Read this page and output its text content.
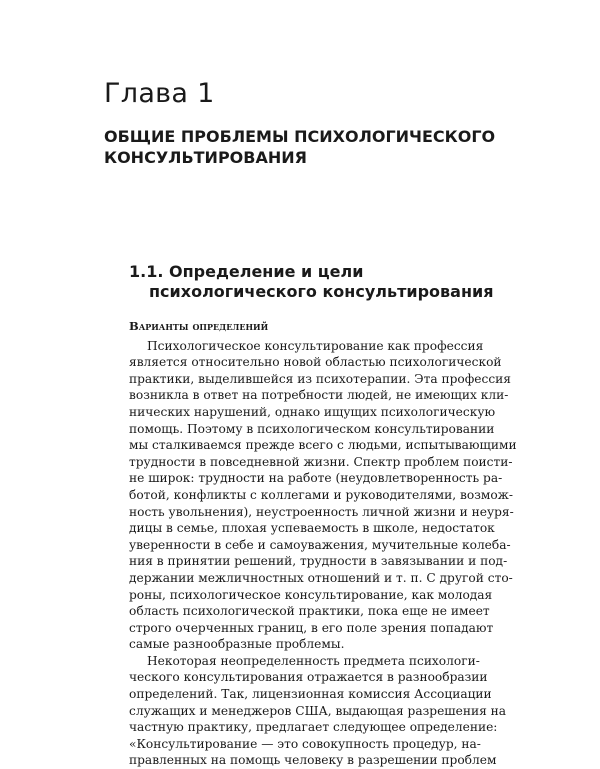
Глава 1
ОБЩИЕ ПРОБЛЕМЫ ПСИХОЛОГИЧЕСКОГО
КОНСУЛЬТИРОВАНИЯ
1.1. Определение и цели
психологического консультирования

Варианты определений

Психологическое консультирование как профессия
является относительно новой областью психологической
практики, выделившейся из психотерапии. Эта профессия
возникла в ответ на потребности людей, не имеющих кли-
нических нарушений, однако ищущих психологическую
помощь. Поэтому в психологическом консультировании
мы сталкиваемся прежде всего с людьми, испытывающими
трудности в повседневной жизни. Спектр проблем поисти-
не широк: трудности на работе (неудовлетворенность ра-
ботой, конфликты с коллегами и руководителями, возмож-
ность увольнения), неустроенность личной жизни и неуря-
дицы в семье, плохая успеваемость в школе, недостаток
уверенности в себе и самоуважения, мучительные колеба-
ния в принятии решений, трудности в завязывании и под-
держании межличностных отношений и т. п. С другой сто-
роны, психологическое консультирование, как молодая
область психологической практики, пока еще не имеет
строго очерченных границ, в его поле зрения попадают
самые разнообразные проблемы.

Некоторая неопределенность предмета психологи-
ческого консультирования отражается в разнообразии
определений. Так, лицензионная комиссия Ассоциации
служащих и менеджеров США, выдающая разрешения на
частную практику, предлагает следующее определение:
«Консультирование — это совокупность процедур, на-
правленных на помощь человеку в разрешении проблем
